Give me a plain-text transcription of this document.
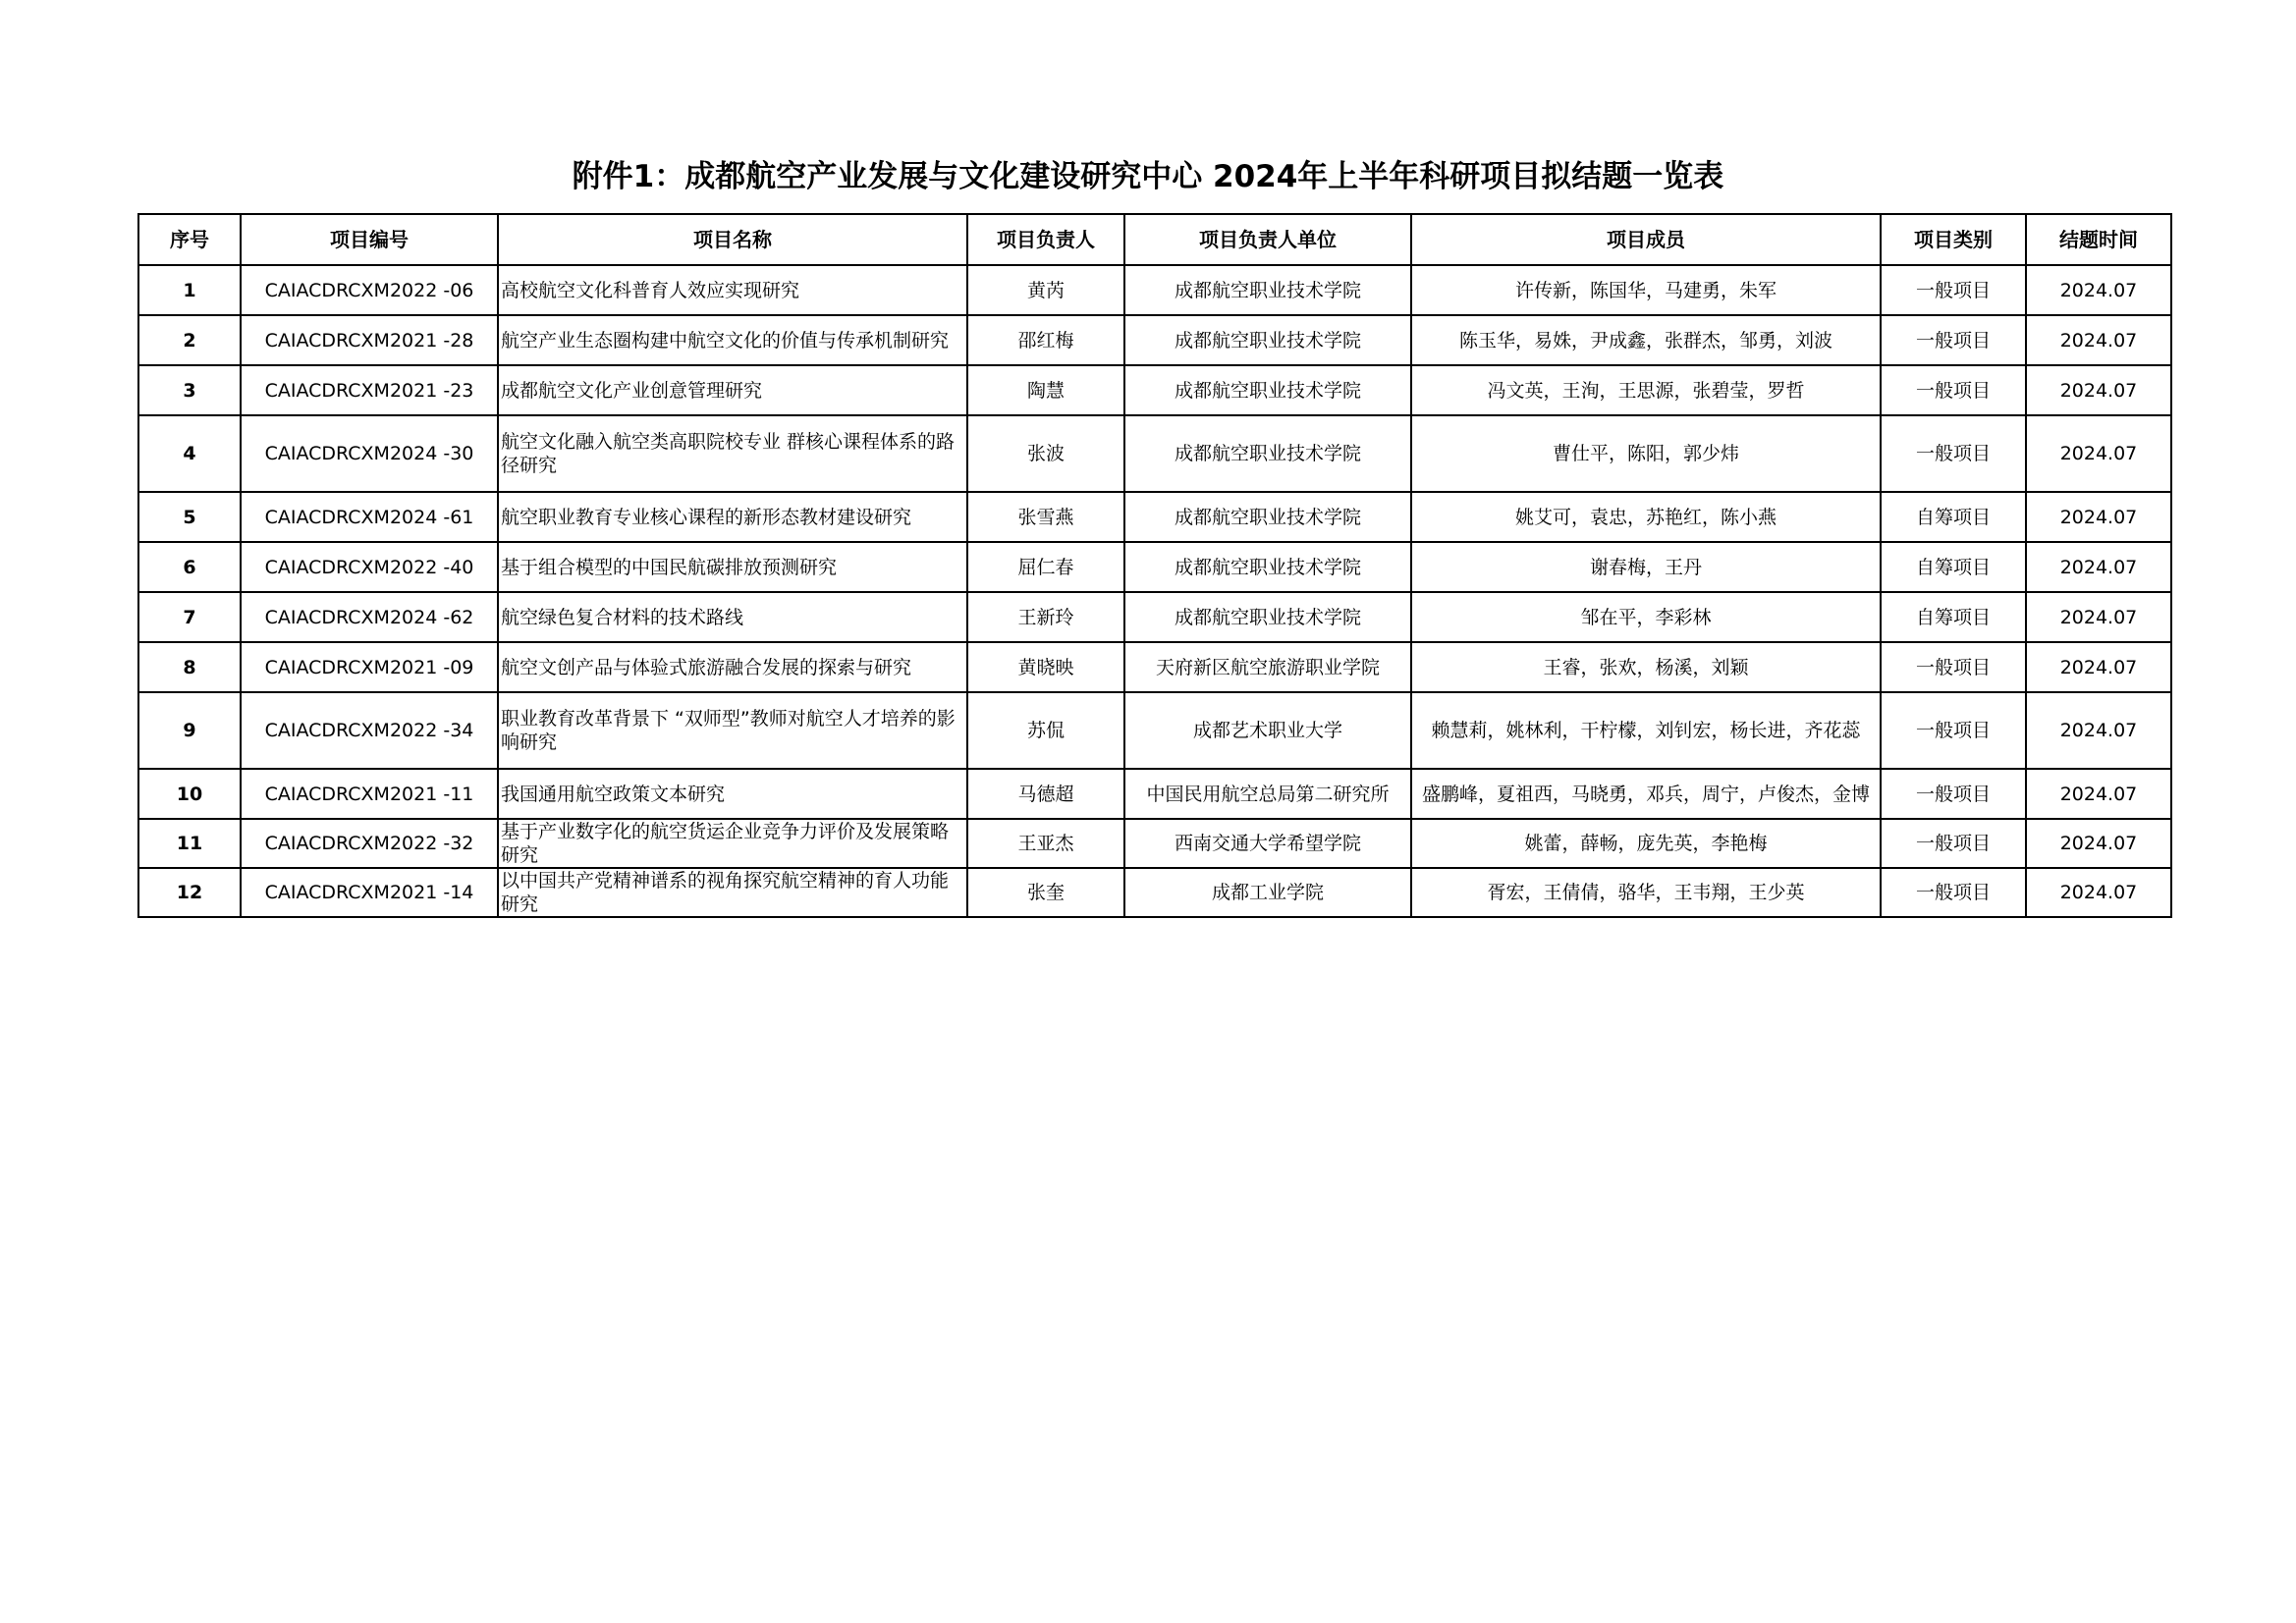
附件1：成都航空产业发展与文化建设研究中心 2024年上半年科研项目拟结题一览表
序号	项目编号	项目名称	项目负责人	项目负责人单位	项目成员	项目类别	结题时间
1	CAIACDRCXM2022 -06	高校航空文化科普育人效应实现研究	黄芮	成都航空职业技术学院	许传新，陈国华，马建勇，朱军	一般项目	2024.07
2	CAIACDRCXM2021 -28	航空产业生态圈构建中航空文化的价值与传承机制研究	邵红梅	成都航空职业技术学院	陈玉华，易姝，尹成鑫，张群杰，邹勇，刘波	一般项目	2024.07
3	CAIACDRCXM2021 -23	成都航空文化产业创意管理研究	陶慧	成都航空职业技术学院	冯文英，王洵，王思源，张碧莹，罗哲	一般项目	2024.07
4	CAIACDRCXM2024 -30	航空文化融入航空类高职院校专业 群核心课程体系的路径研究	张波	成都航空职业技术学院	曹仕平，陈阳，郭少炜	一般项目	2024.07
5	CAIACDRCXM2024 -61	航空职业教育专业核心课程的新形态教材建设研究	张雪燕	成都航空职业技术学院	姚艾可，袁忠，苏艳红，陈小燕	自筹项目	2024.07
6	CAIACDRCXM2022 -40	基于组合模型的中国民航碳排放预测研究	屈仁春	成都航空职业技术学院	谢春梅，王丹	自筹项目	2024.07
7	CAIACDRCXM2024 -62	航空绿色复合材料的技术路线	王新玲	成都航空职业技术学院	邹在平，李彩林	自筹项目	2024.07
8	CAIACDRCXM2021 -09	航空文创产品与体验式旅游融合发展的探索与研究	黄晓映	天府新区航空旅游职业学院	王睿，张欢，杨溪，刘颖	一般项目	2024.07
9	CAIACDRCXM2022 -34	职业教育改革背景下 “双师型”教师对航空人才培养的影响研究	苏侃	成都艺术职业大学	赖慧莉，姚林利，干柠檬，刘钊宏，杨长进，齐花蕊	一般项目	2024.07
10	CAIACDRCXM2021 -11	我国通用航空政策文本研究	马德超	中国民用航空总局第二研究所	盛鹏峰，夏祖西，马晓勇，邓兵，周宁，卢俊杰，金博	一般项目	2024.07
11	CAIACDRCXM2022 -32	基于产业数字化的航空货运企业竞争力评价及发展策略研究	王亚杰	西南交通大学希望学院	姚蕾，薛畅，庞先英，李艳梅	一般项目	2024.07
12	CAIACDRCXM2021 -14	以中国共产党精神谱系的视角探究航空精神的育人功能研究	张奎	成都工业学院	胥宏，王倩倩，骆华，王韦翔，王少英	一般项目	2024.07
